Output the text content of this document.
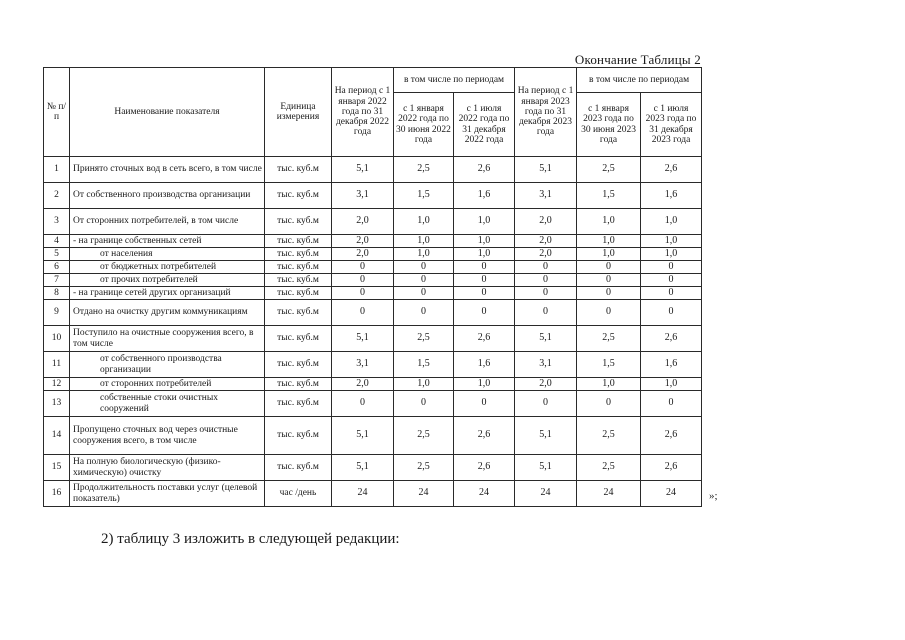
Окончание Таблицы 2
№ п/п	Наименование показателя	Единица измерения	На период с 1 января 2022 года по 31 декабря 2022 года	в том числе по периодам		На период с 1 января 2023 года по 31 декабря 2023 года	в том числе по периодам	
				с 1 января 2022 года по 30 июня 2022 года	с 1 июля 2022 года по 31 декабря 2022 года		с 1 января 2023 года по 30 июня 2023 года	с 1 июля 2023 года по 31 декабря 2023 года
1	Принято сточных вод в сеть всего, в том числе	тыс. куб.м	5,1	2,5	2,6	5,1	2,5	2,6
2	От собственного производства организации	тыс. куб.м	3,1	1,5	1,6	3,1	1,5	1,6
3	От сторонних потребителей, в том числе	тыс. куб.м	2,0	1,0	1,0	2,0	1,0	1,0
4	- на границе собственных сетей	тыс. куб.м	2,0	1,0	1,0	2,0	1,0	1,0
5	от населения	тыс. куб.м	2,0	1,0	1,0	2,0	1,0	1,0
6	от бюджетных потребителей	тыс. куб.м	0	0	0	0	0	0
7	от прочих потребителей	тыс. куб.м	0	0	0	0	0	0
8	- на границе сетей других организаций	тыс. куб.м	0	0	0	0	0	0
9	Отдано на очистку другим коммуникациям	тыс. куб.м	0	0	0	0	0	0
10	Поступило на очистные сооружения всего, в том числе	тыс. куб.м	5,1	2,5	2,6	5,1	2,5	2,6
11	от собственного производства организации	тыс. куб.м	3,1	1,5	1,6	3,1	1,5	1,6
12	от сторонних потребителей	тыс. куб.м	2,0	1,0	1,0	2,0	1,0	1,0
13	собственные стоки очистных сооружений	тыс. куб.м	0	0	0	0	0	0
14	Пропущено сточных вод через очистные сооружения всего, в том числе	тыс. куб.м	5,1	2,5	2,6	5,1	2,5	2,6
15	На полную биологическую (физико-химическую) очистку	тыс. куб.м	5,1	2,5	2,6	5,1	2,5	2,6
16	Продолжительность поставки услуг (целевой показатель)	час /день	24	24	24	24	24	24	»;
2) таблицу 3 изложить в следующей редакции:
